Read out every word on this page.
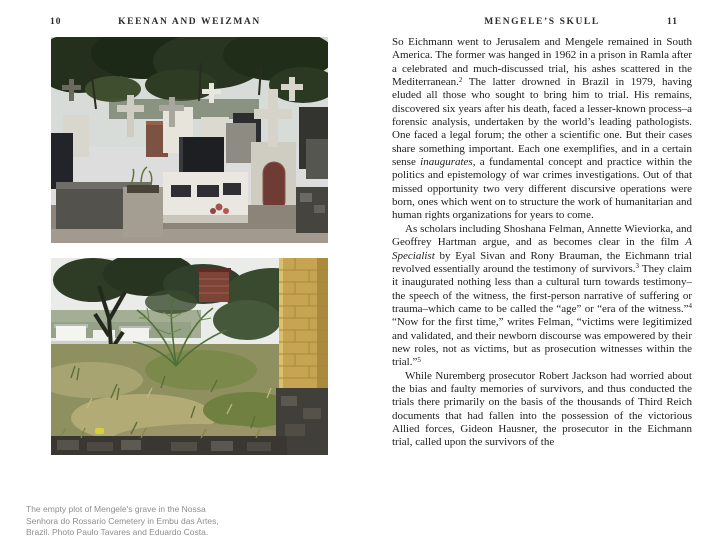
10	KEENAN AND WEIZMAN
The empty plot of Mengele's grave in the Nossa
Senhora do Rossario Cemetery in Embu das Artes,
Brazil. Photo Paulo Tavares and Eduardo Costa.
MENGELE’S SKULL	11

So Eichmann went to Jerusalem and Mengele remained in South America. The former was hanged in 1962 in a prison in Ramla after a celebrated and much-discussed trial, his ashes scattered in the Mediterranean.$^2$ The latter drowned in Brazil in 1979, having eluded all those who sought to bring him to trial. His remains, discovered six years after his death, faced a lesser-known process–a forensic analysis, undertaken by the world’s leading pathologists. One faced a legal forum; the other a scientific one. But their cases share something important. Each one exemplifies, and in a certain sense inaugurates, a fundamental concept and practice within the politics and epistemology of war crimes investigations. Out of that missed opportunity two very different discursive operations were born, ones which went on to structure the work of humanitarian and human rights organizations for years to come.

As scholars including Shoshana Felman, Annette Wieviorka, and Geoffrey Hartman argue, and as becomes clear in the film A Specialist by Eyal Sivan and Rony Brauman, the Eichmann trial revolved essentially around the testimony of survivors.$^3$ They claim it inaugurated nothing less than a cultural turn towards testimony–the speech of the witness, the first-person narrative of suffering or trauma–which came to be called the “age” or “era of the witness.”$^4$ “Now for the first time,” writes Felman, “victims were legitimized and validated, and their newborn discourse was empowered by their new roles, not as victims, but as prosecution witnesses within the trial.”$^5$

While Nuremberg prosecutor Robert Jackson had worried about the bias and faulty memories of survivors, and thus conducted the trials there primarily on the basis of the thousands of Third Reich documents that had fallen into the possession of the victorious Allied forces, Gideon Hausner, the prosecutor in the Eichmann trial, called upon the survivors of the
